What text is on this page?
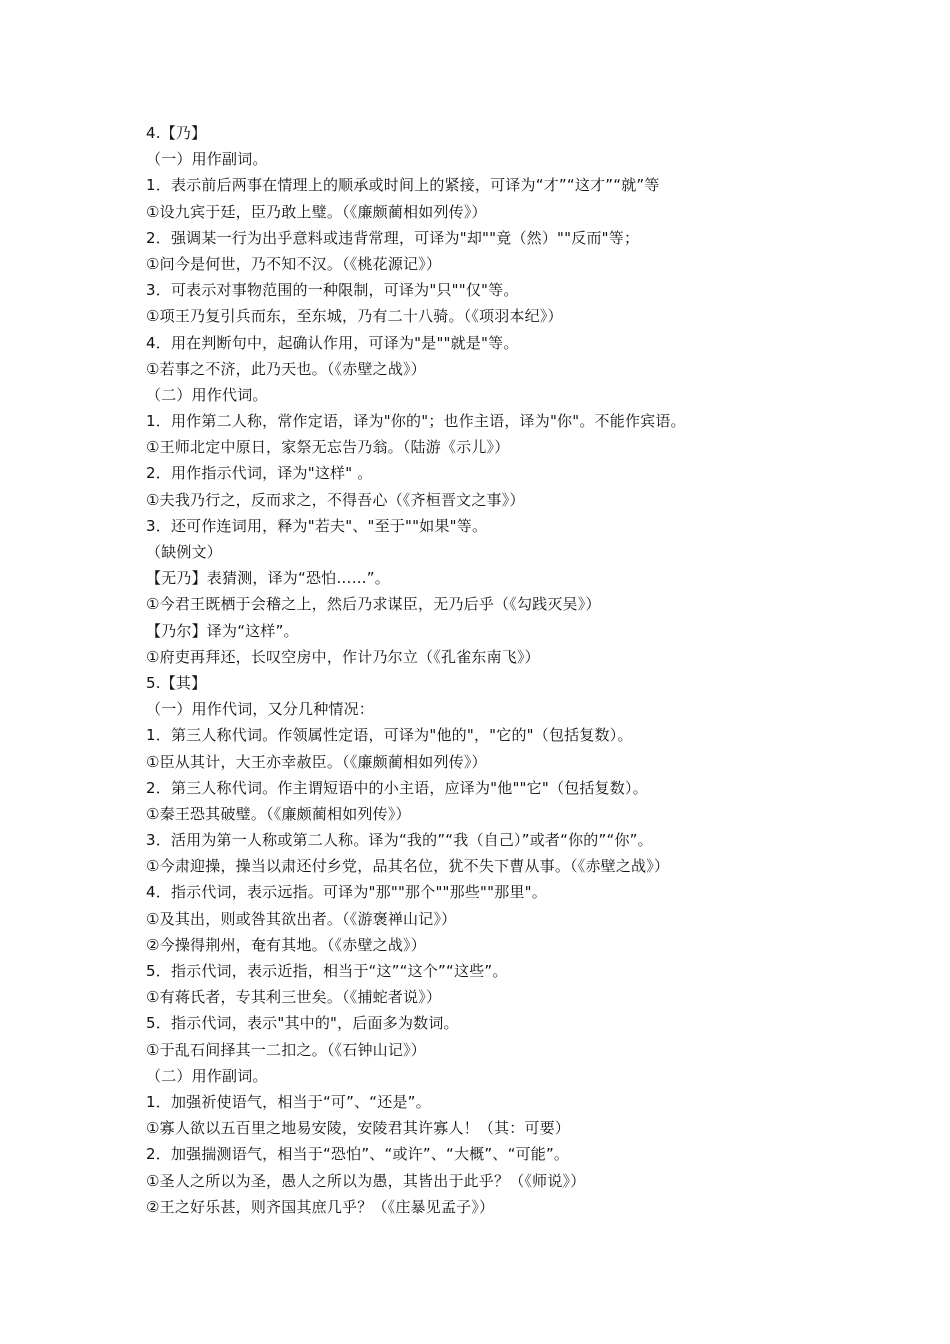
4.【乃】
（一）用作副词。
1．表示前后两事在情理上的顺承或时间上的紧接，可译为“才”“这才”“就”等
①设九宾于廷，臣乃敢上璧。（《廉颇蔺相如列传》）
2．强调某一行为出乎意料或违背常理，可译为"却""竟（然）""反而"等；
①问今是何世，乃不知不汉。（《桃花源记》）
3．可表示对事物范围的一种限制，可译为"只""仅"等。
①项王乃复引兵而东，至东城，乃有二十八骑。（《项羽本纪》）
4．用在判断句中，起确认作用，可译为"是""就是"等。
①若事之不济，此乃天也。（《赤壁之战》）
（二）用作代词。
1．用作第二人称，常作定语，译为"你的"；也作主语，译为"你"。不能作宾语。
①王师北定中原日，家祭无忘告乃翁。（陆游《示儿》）
2．用作指示代词，译为"这样" 。
①夫我乃行之，反而求之，不得吾心（《齐桓晋文之事》）
3．还可作连词用，释为"若夫"、"至于""如果"等。
（缺例文）
【无乃】表猜测，译为“恐怕……”。
①今君王既栖于会稽之上，然后乃求谋臣，无乃后乎（《勾践灭吴》）
【乃尔】译为“这样”。
①府吏再拜还，长叹空房中，作计乃尔立（《孔雀东南飞》）
5.【其】
（一）用作代词，又分几种情况：
1．第三人称代词。作领属性定语，可译为"他的"，"它的"（包括复数）。
①臣从其计，大王亦幸赦臣。（《廉颇蔺相如列传》）
2．第三人称代词。作主谓短语中的小主语，应译为"他""它"（包括复数）。
①秦王恐其破璧。（《廉颇蔺相如列传》）
3．活用为第一人称或第二人称。译为“我的”“我（自己）”或者“你的”“你”。
①今肃迎操，操当以肃还付乡党，品其名位，犹不失下曹从事。（《赤壁之战》）
4．指示代词，表示远指。可译为"那""那个""那些""那里"。
①及其出，则或咎其欲出者。（《游褒禅山记》）
②今操得荆州，奄有其地。（《赤壁之战》）
5．指示代词，表示近指，相当于“这”“这个”“这些”。
①有蒋氏者，专其利三世矣。（《捕蛇者说》）
5．指示代词，表示"其中的"，后面多为数词。
①于乱石间择其一二扣之。（《石钟山记》）
（二）用作副词。
1．加强祈使语气，相当于“可”、“还是”。
①寡人欲以五百里之地易安陵，安陵君其许寡人！（其：可要）
2．加强揣测语气，相当于“恐怕”、“或许”、“大概”、“可能”。
①圣人之所以为圣，愚人之所以为愚，其皆出于此乎？（《师说》）
②王之好乐甚，则齐国其庶几乎？（《庄暴见孟子》）
